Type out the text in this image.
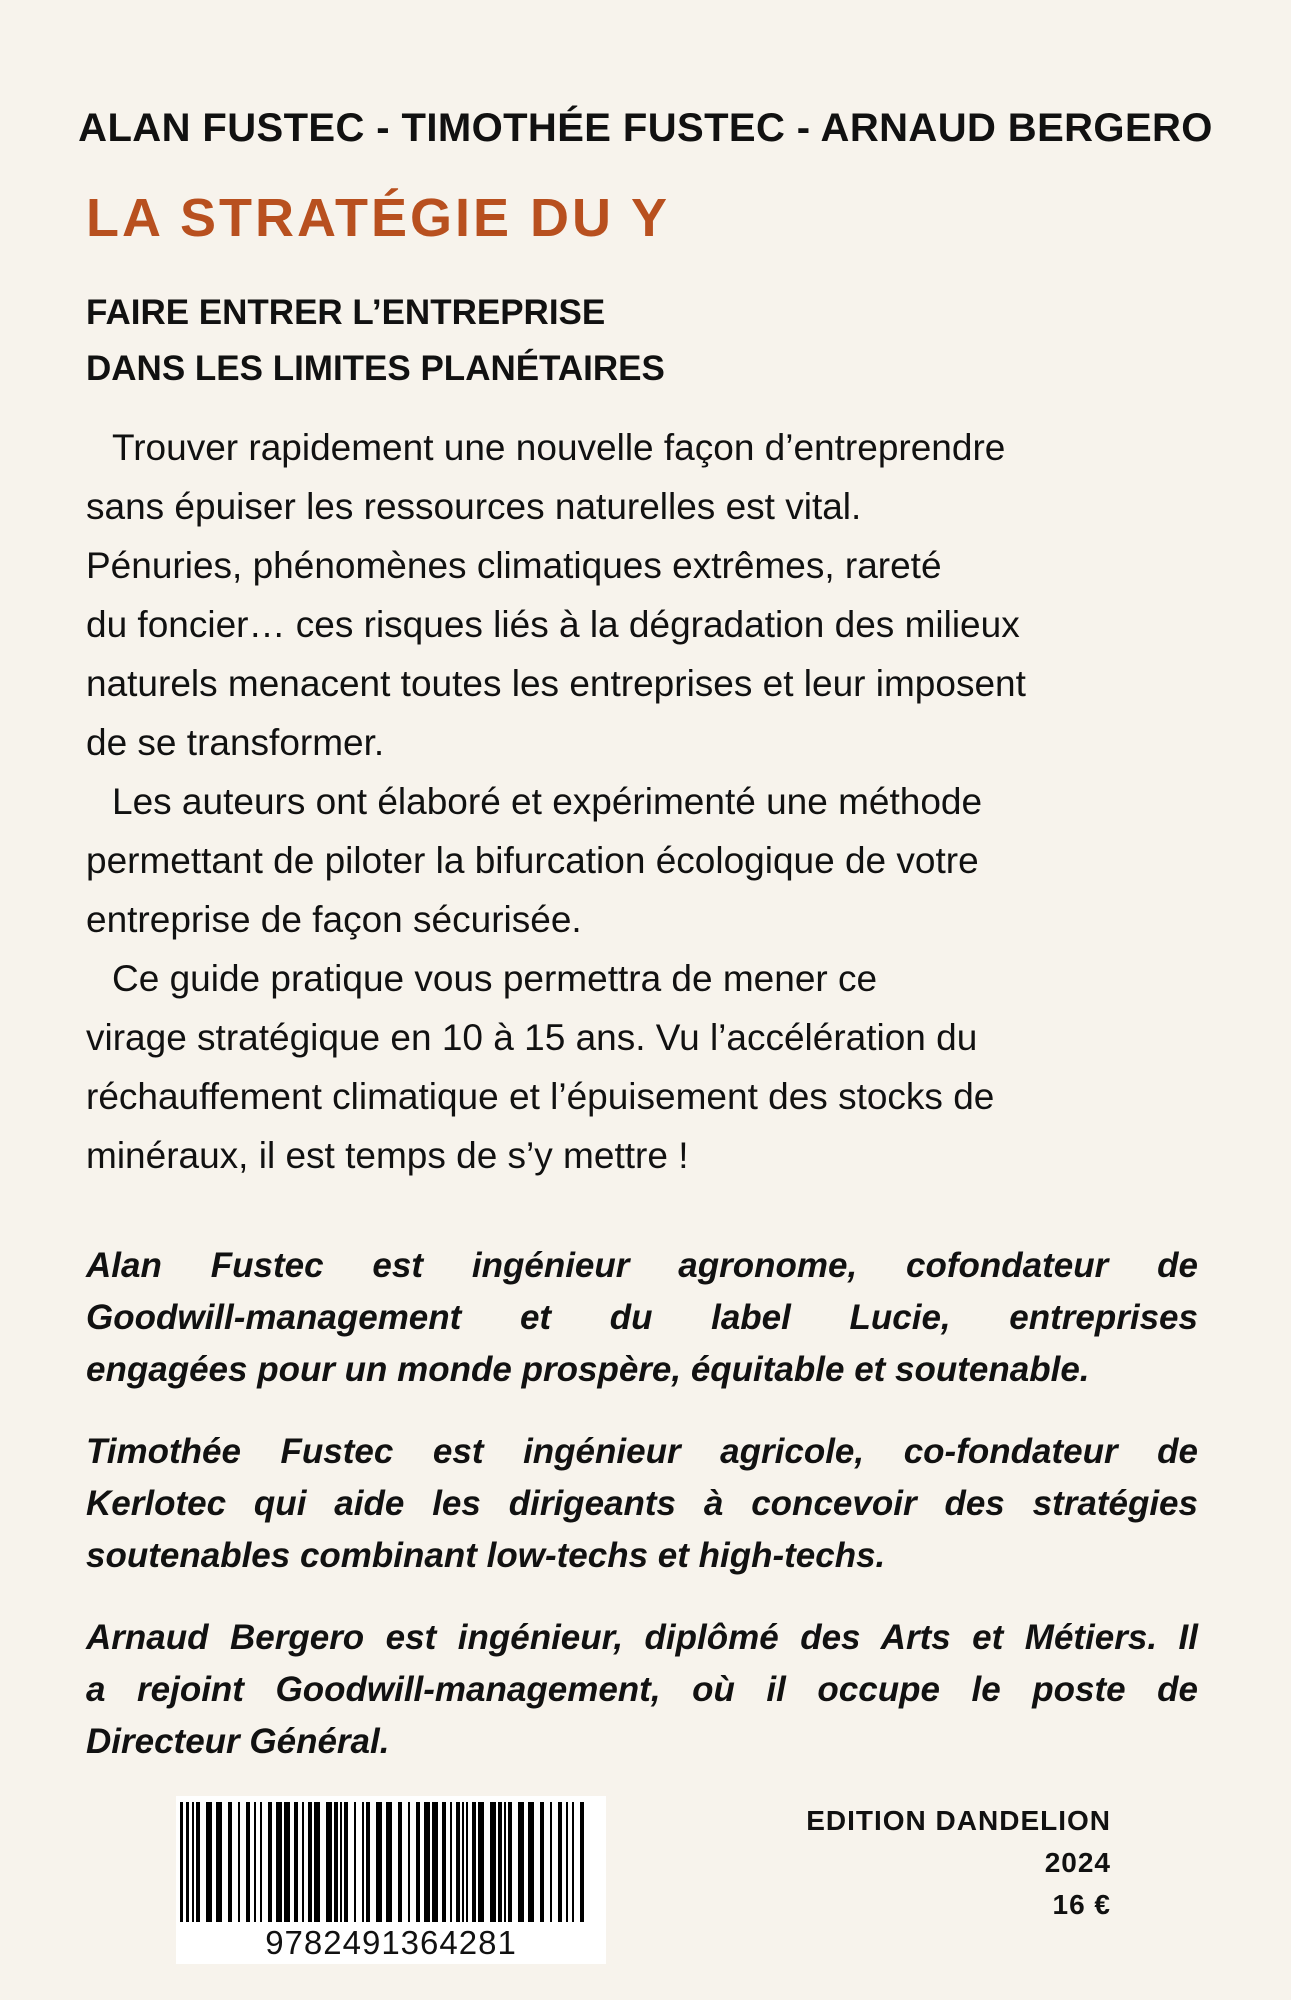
ALAN FUSTEC - TIMOTHÉE FUSTEC - ARNAUD BERGERO
LA STRATÉGIE DU Y
FAIRE ENTRER L’ENTREPRISE
DANS LES LIMITES PLANÉTAIRES
Trouver rapidement une nouvelle façon d’entreprendre
sans épuiser les ressources naturelles est vital.
Pénuries, phénomènes climatiques extrêmes, rareté
du foncier… ces risques liés à la dégradation des milieux
naturels menacent toutes les entreprises et leur imposent
de se transformer.
Les auteurs ont élaboré et expérimenté une méthode
permettant de piloter la bifurcation écologique de votre
entreprise de façon sécurisée.
Ce guide pratique vous permettra de mener ce
virage stratégique en 10 à 15 ans. Vu l’accélération du
réchauffement climatique et l’épuisement des stocks de
minéraux, il est temps de s’y mettre !
Alan Fustec est ingénieur agronome, cofondateur de
Goodwill-management et du label Lucie, entreprises
engagées pour un monde prospère, équitable et soutenable.
Timothée Fustec est ingénieur agricole, co-fondateur de
Kerlotec qui aide les dirigeants à concevoir des stratégies
soutenables combinant low-techs et high-techs.
Arnaud Bergero est ingénieur, diplômé des Arts et Métiers. Il
a rejoint Goodwill-management, où il occupe le poste de
Directeur Général.
9782491364281
EDITION DANDELION
2024
16 €
